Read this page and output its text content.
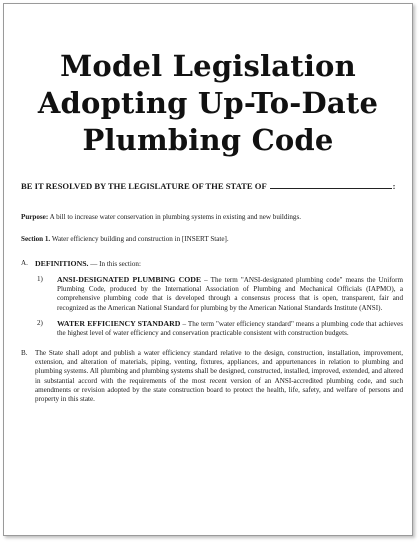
Model Legislation
Adopting Up-To-Date
Plumbing Code
BE IT RESOLVED BY THE LEGISLATURE OF THE STATE OF	:
Purpose: A bill to increase water conservation in plumbing systems in existing and new buildings.
Section 1. Water efficiency building and construction in [INSERT State].
A. DEFINITIONS. — In this section:
1)	ANSI-DESIGNATED PLUMBING CODE – The term "ANSI-designated plumbing code" means the Uniform Plumbing Code, produced by the International Association of Plumbing and Mechanical Officials (IAPMO), a comprehensive plumbing code that is developed through a consensus process that is open, transparent, fair and recognized as the American National Standard for plumbing by the American National Standards Institute (ANSI).
2)	WATER EFFICIENCY STANDARD – The term "water efficiency standard" means a plumbing code that achieves the highest level of water efficiency and conservation practicable consistent with construction budgets.
B.	The State shall adopt and publish a water efficiency standard relative to the design, construction, installation, improvement, extension, and alteration of materials, piping, venting, fixtures, appliances, and appurtenances in relation to plumbing and plumbing systems. All plumbing and plumbing systems shall be designed, constructed, installed, improved, extended, and altered in substantial accord with the requirements of the most recent version of an ANSI-accredited plumbing code, and such amendments or revision adopted by the state construction board to protect the health, life, safety, and welfare of persons and property in this state.
